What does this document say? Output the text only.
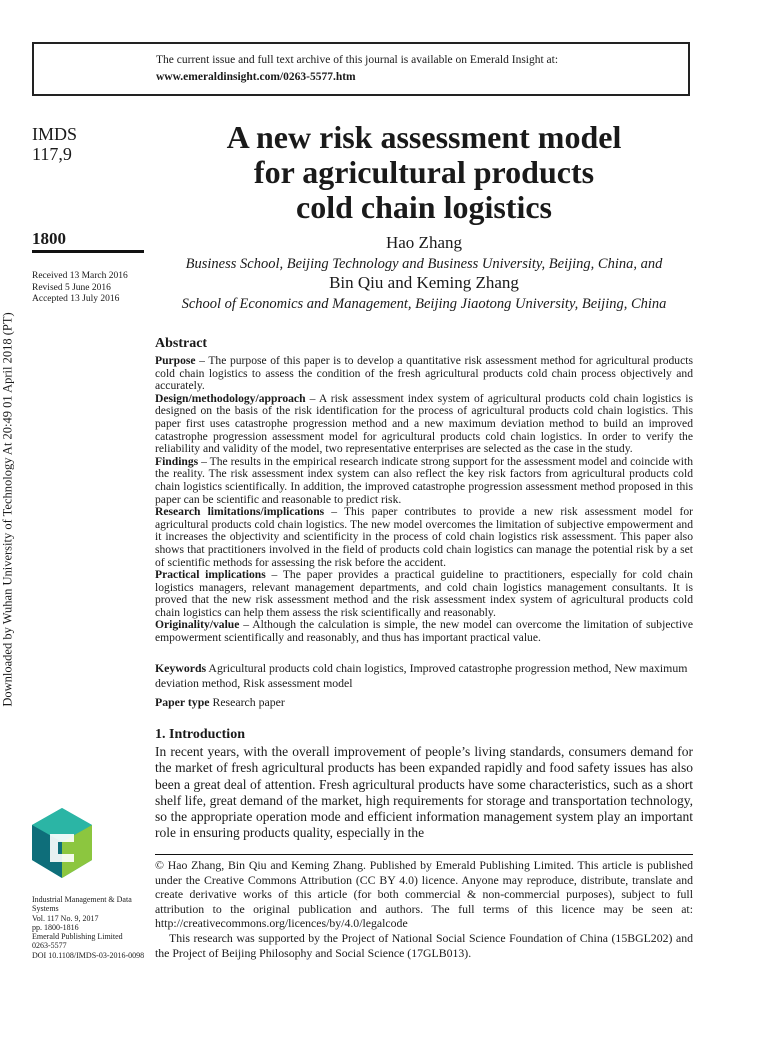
The current issue and full text archive of this journal is available on Emerald Insight at:
www.emeraldinsight.com/0263-5577.htm
IMDS
117,9
1800
Received 13 March 2016
Revised 5 June 2016
Accepted 13 July 2016
Downloaded by Wuhan University of Technology At 20:49 01 April 2018 (PT)
A new risk assessment model
for agricultural products
cold chain logistics
Hao Zhang
Business School, Beijing Technology and Business University, Beijing, China, and
Bin Qiu and Keming Zhang
School of Economics and Management, Beijing Jiaotong University, Beijing, China
Abstract

Purpose – The purpose of this paper is to develop a quantitative risk assessment method for agricultural products cold chain logistics to assess the condition of the fresh agricultural products cold chain process objectively and accurately.

Design/methodology/approach – A risk assessment index system of agricultural products cold chain logistics is designed on the basis of the risk identification for the process of agricultural products cold chain logistics. This paper first uses catastrophe progression method and a new maximum deviation method to build an improved catastrophe progression assessment model for agricultural products cold chain logistics. In order to verify the reliability and validity of the model, two representative enterprises are selected as the case in the study.

Findings – The results in the empirical research indicate strong support for the assessment model and coincide with the reality. The risk assessment index system can also reflect the key risk factors from agricultural products cold chain logistics scientifically. In addition, the improved catastrophe progression assessment method proposed in this paper can be scientific and reasonable to predict risk.

Research limitations/implications – This paper contributes to provide a new risk assessment model for agricultural products cold chain logistics. The new model overcomes the limitation of subjective empowerment and it increases the objectivity and scientificity in the process of cold chain logistics risk assessment. This paper also shows that practitioners involved in the field of products cold chain logistics can manage the potential risk by a set of scientific methods for assessing the risk before the accident.

Practical implications – The paper provides a practical guideline to practitioners, especially for cold chain logistics managers, relevant management departments, and cold chain logistics management consultants. It is proved that the new risk assessment method and the risk assessment index system of agricultural products cold chain logistics can help them assess the risk scientifically and reasonably.

Originality/value – Although the calculation is simple, the new model can overcome the limitation of subjective empowerment scientifically and reasonably, and thus has important practical value.

Keywords Agricultural products cold chain logistics, Improved catastrophe progression method, New maximum deviation method, Risk assessment model
Paper type Research paper
1. Introduction
In recent years, with the overall improvement of people’s living standards, consumers demand for the market of fresh agricultural products has been expanded rapidly and food safety issues has also been a great deal of attention. Fresh agricultural products have some characteristics, such as a short shelf life, great demand of the market, high requirements for storage and transportation technology, so the appropriate operation mode and efficient information management system play an important role in ensuring products quality, especially in the

© Hao Zhang, Bin Qiu and Keming Zhang. Published by Emerald Publishing Limited. This article is published under the Creative Commons Attribution (CC BY 4.0) licence. Anyone may reproduce, distribute, translate and create derivative works of this article (for both commercial & non-commercial purposes), subject to full attribution to the original publication and authors. The full terms of this licence may be seen at: http://creativecommons.org/licences/by/4.0/legalcode

This research was supported by the Project of National Social Science Foundation of China (15BGL202) and the Project of Beijing Philosophy and Social Science (17GLB013).

Industrial Management & Data Systems
Vol. 117 No. 9, 2017
pp. 1800-1816
Emerald Publishing Limited
0263-5577
DOI 10.1108/IMDS-03-2016-0098
